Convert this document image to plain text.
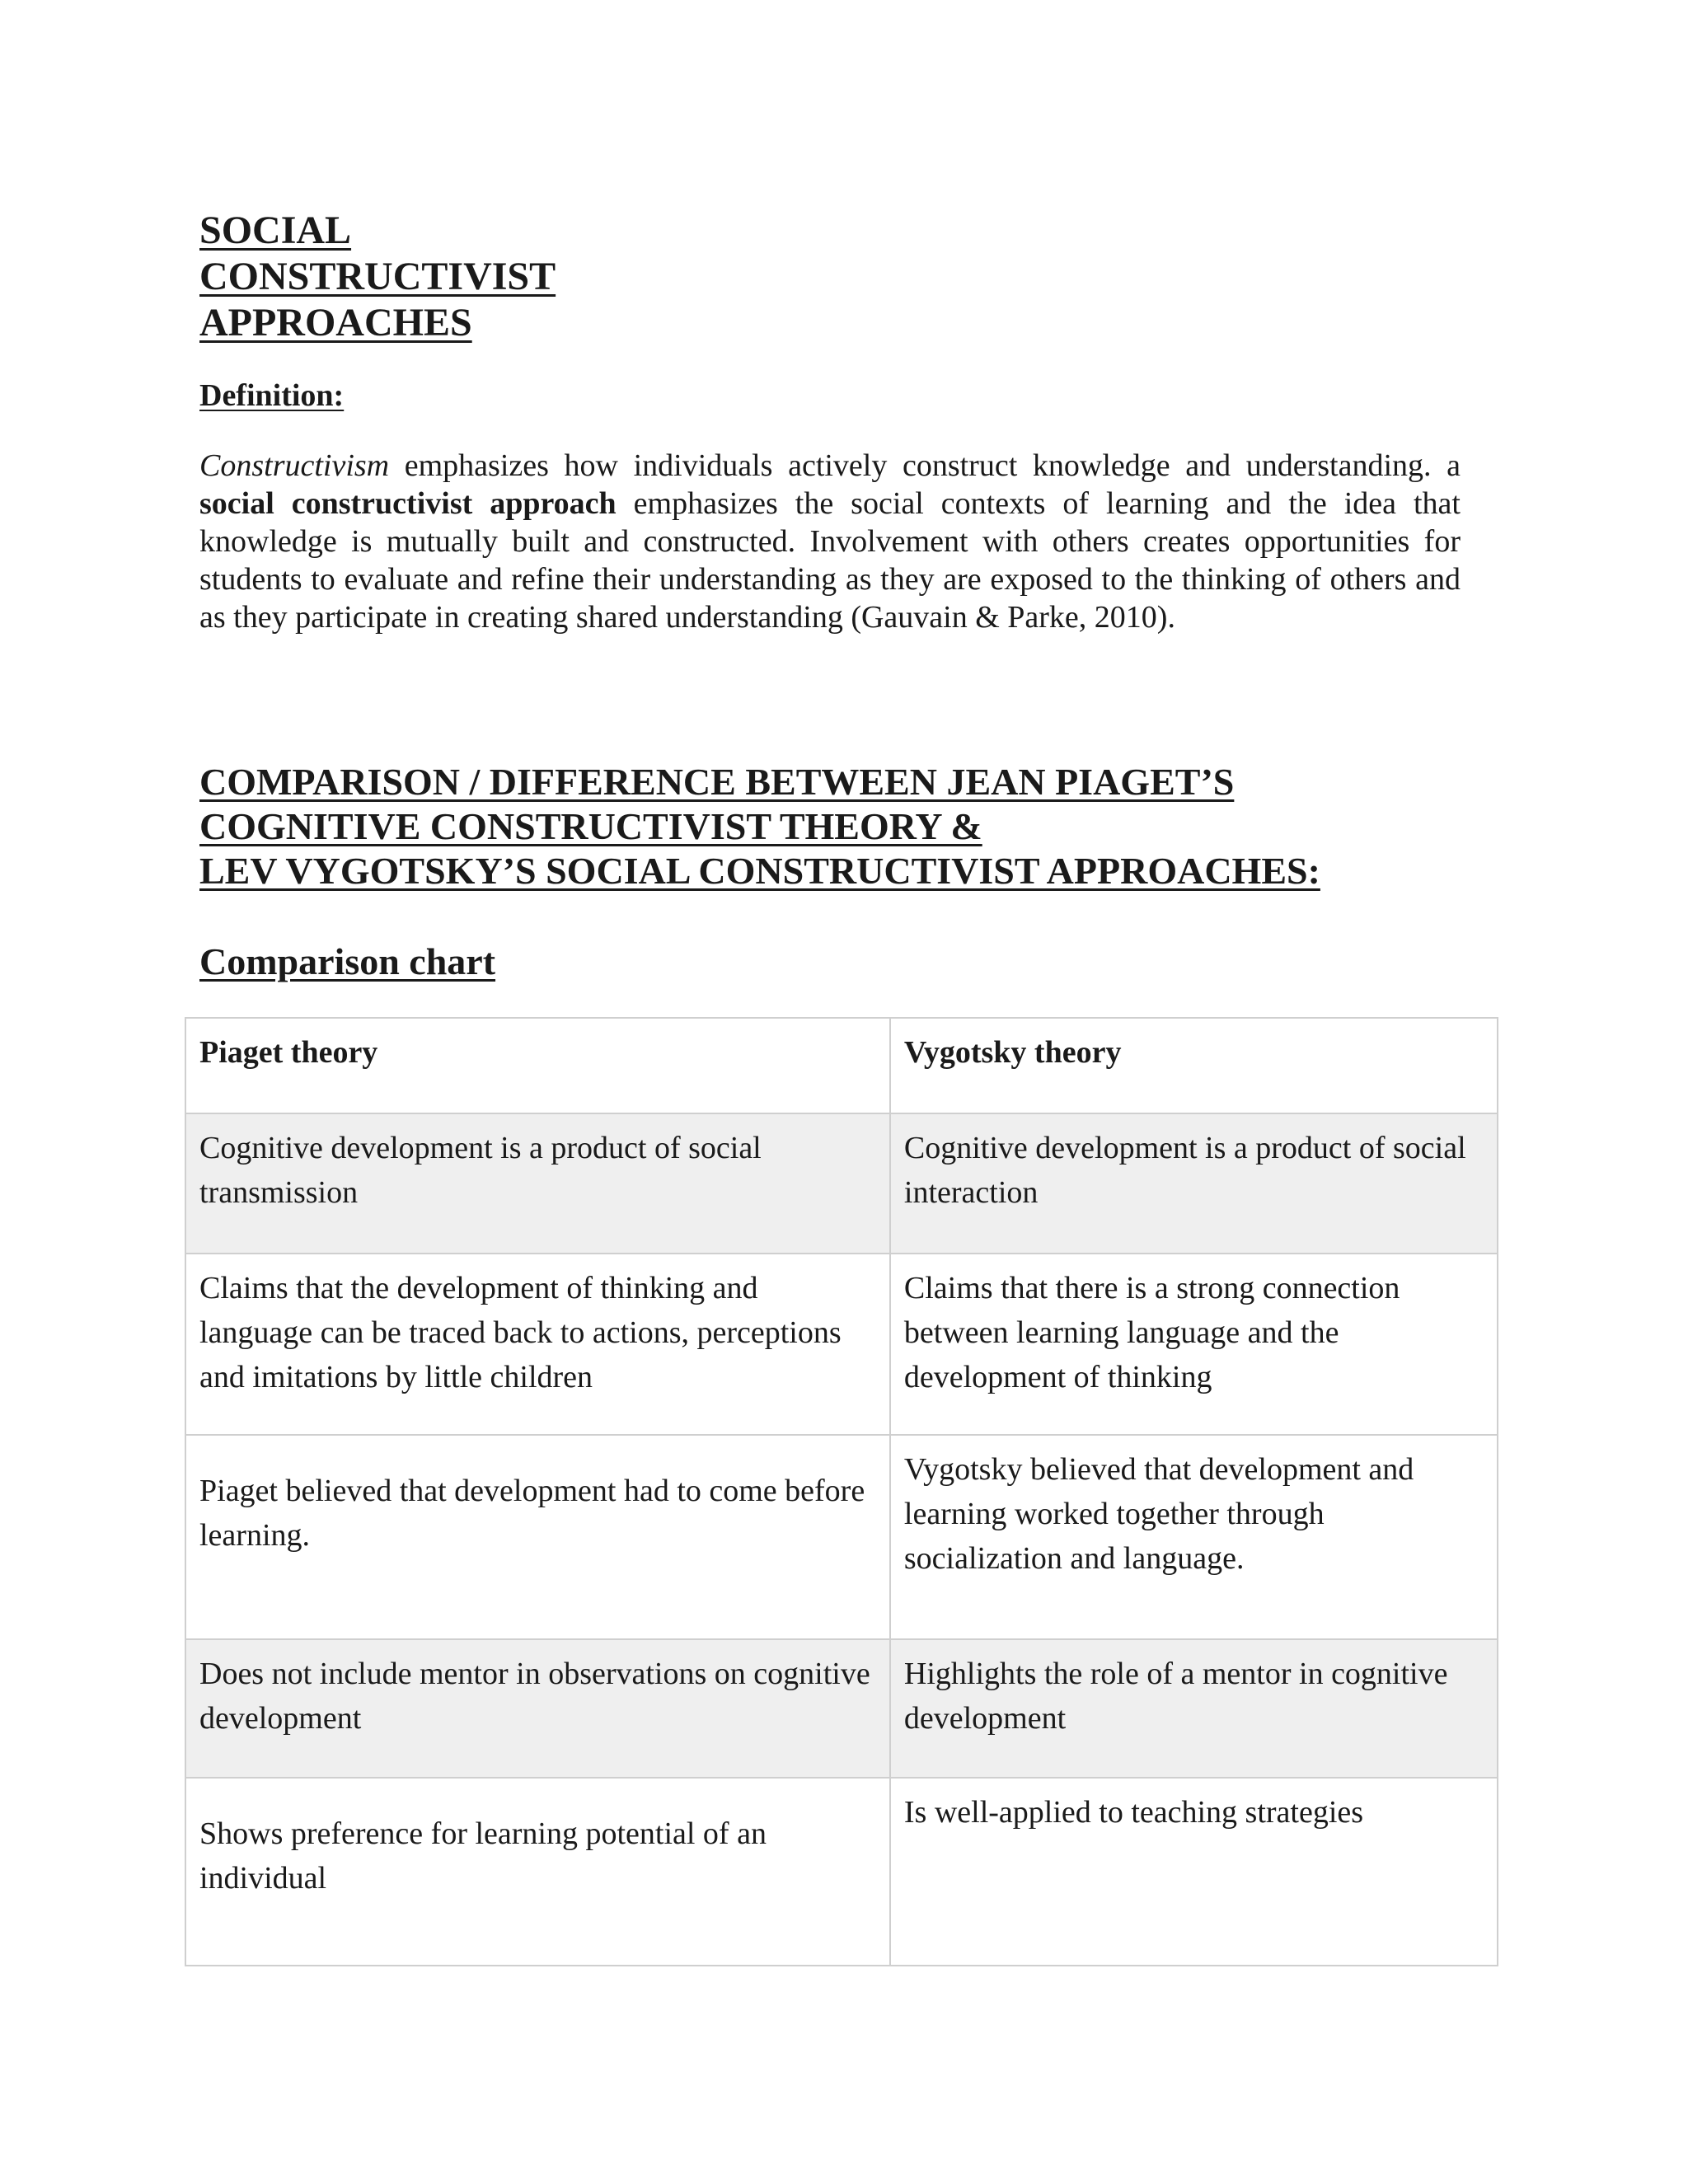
SOCIAL
CONSTRUCTIVIST
APPROACHES
Definition:
Constructivism emphasizes how individuals actively construct knowledge and understanding. a social constructivist approach emphasizes the social contexts of learning and the idea that knowledge is mutually built and constructed. Involvement with others creates opportunities for students to evaluate and refine their understanding as they are exposed to the thinking of others and as they participate in creating shared understanding (Gauvain & Parke, 2010).
COMPARISON / DIFFERENCE BETWEEN JEAN PIAGET’S
COGNITIVE CONSTRUCTIVIST THEORY &
LEV VYGOTSKY’S SOCIAL CONSTRUCTIVIST APPROACHES:
Comparison chart
Piaget theory	Vygotsky theory
Cognitive development is a product of social transmission	Cognitive development is a product of social interaction
Claims that the development of thinking and language can be traced back to actions, perceptions and imitations by little children	Claims that there is a strong connection between learning language and the development of thinking
Piaget believed that development had to come before learning.	Vygotsky believed that development and learning worked together through socialization and language.
Does not include mentor in observations on cognitive development	Highlights the role of a mentor in cognitive development
Shows preference for learning potential of an individual	Is well-applied to teaching strategies
